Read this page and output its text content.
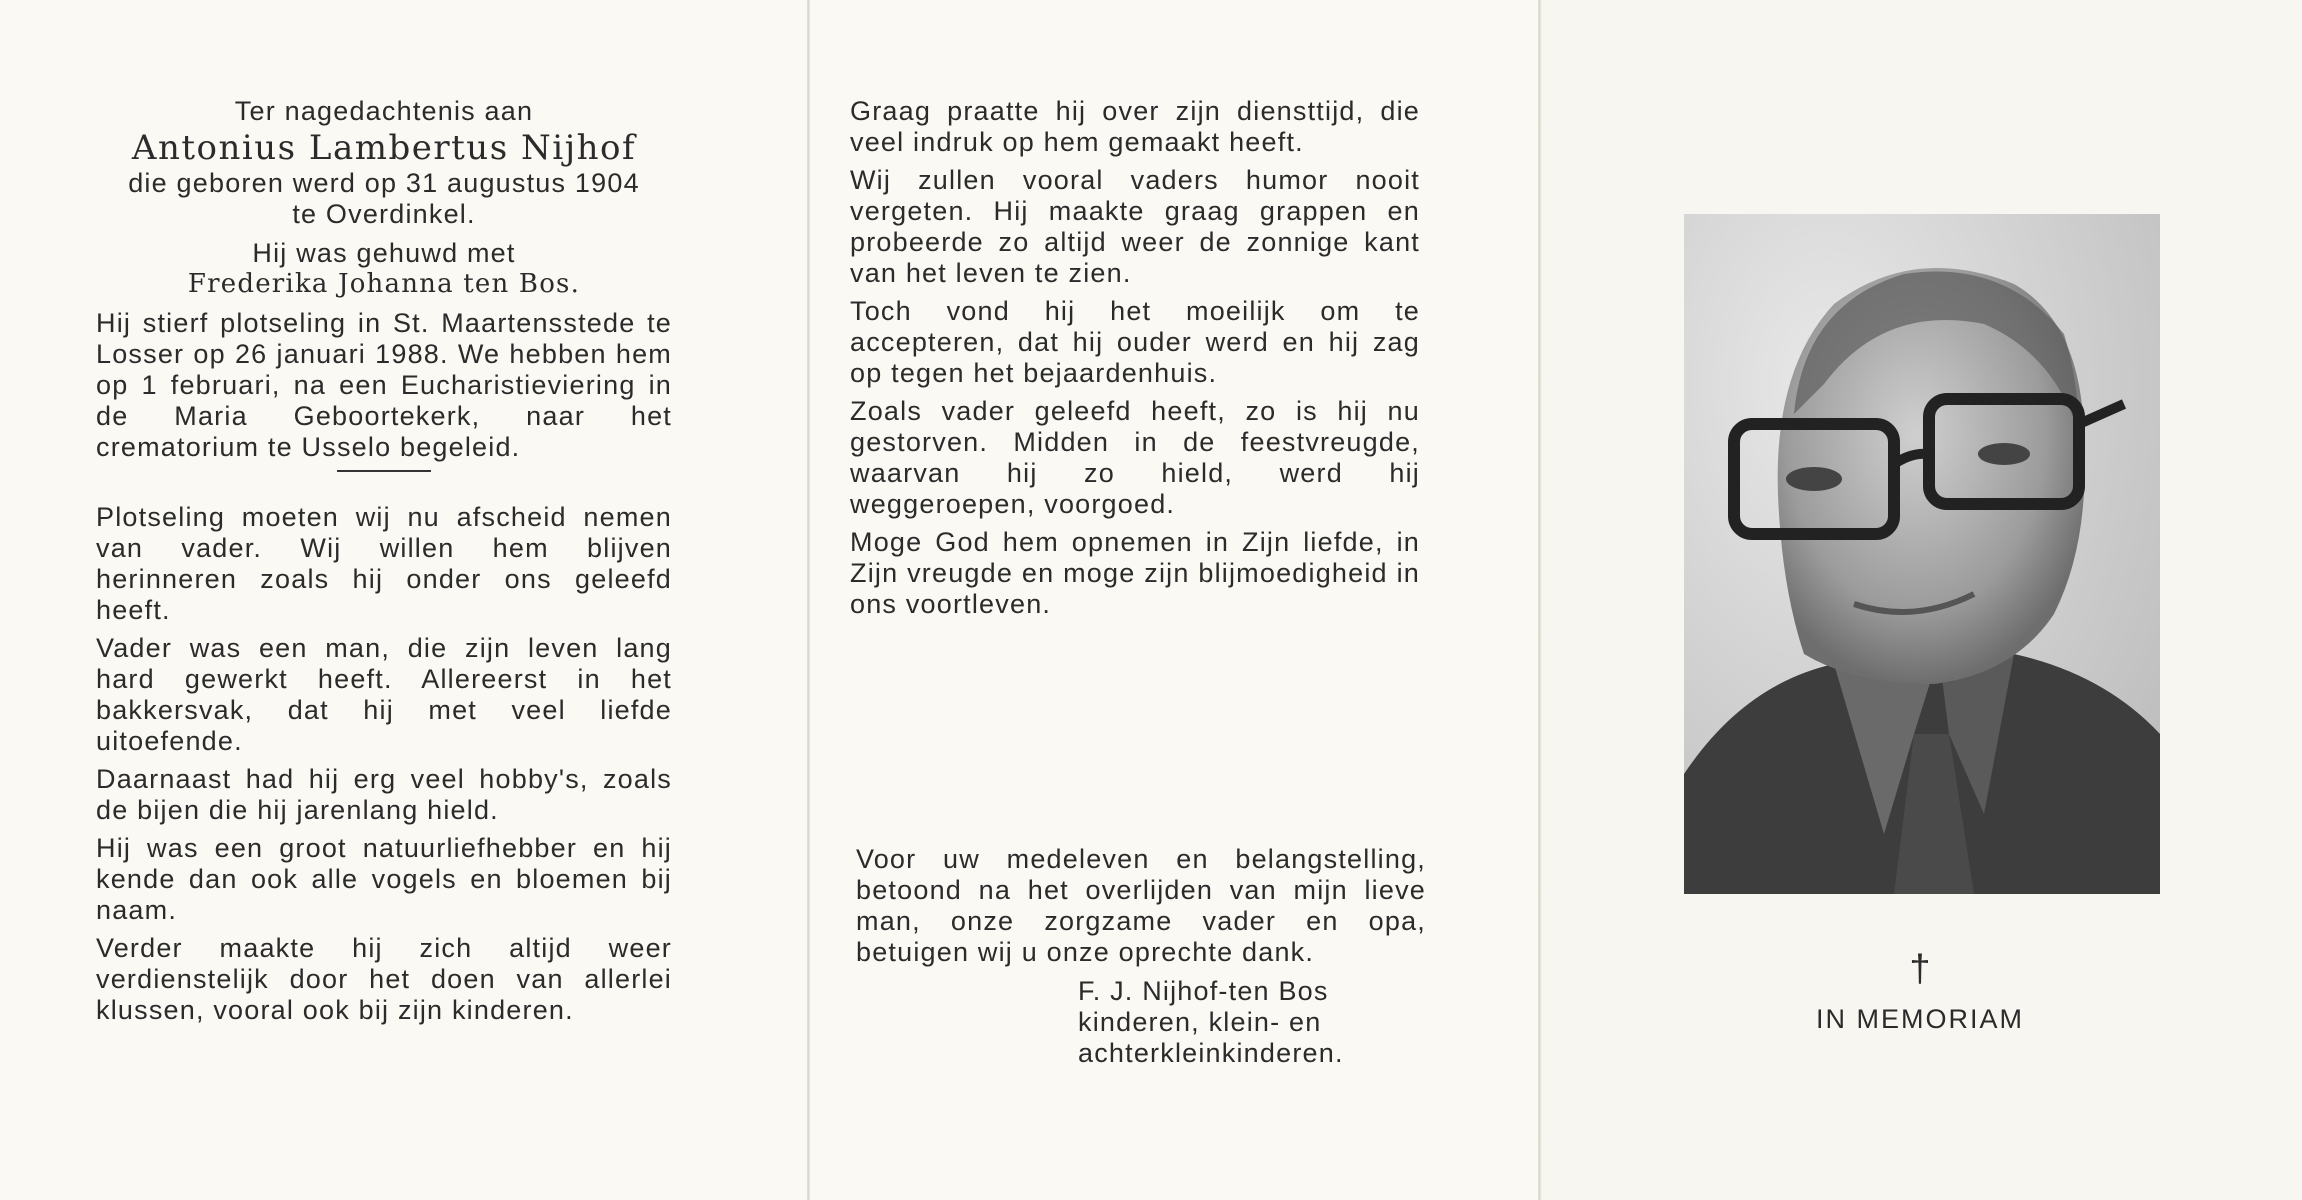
Ter nagedachtenis aan
Antonius Lambertus Nijhof
die geboren werd op 31 augustus 1904
te Overdinkel.
Hij was gehuwd met
Frederika Johanna ten Bos.

Hij stierf plotseling in St. Maartensstede te Losser op 26 januari 1988. We hebben hem op 1 februari, na een Eucharistieviering in de Maria Geboortekerk, naar het crematorium te Usselo begeleid.

Plotseling moeten wij nu afscheid nemen van vader. Wij willen hem blijven herinneren zoals hij onder ons geleefd heeft.

Vader was een man, die zijn leven lang hard gewerkt heeft. Allereerst in het bakkersvak, dat hij met veel liefde uitoefende.

Daarnaast had hij erg veel hobby's, zoals de bijen die hij jarenlang hield.

Hij was een groot natuurliefhebber en hij kende dan ook alle vogels en bloemen bij naam.

Verder maakte hij zich altijd weer verdienstelijk door het doen van allerlei klussen, vooral ook bij zijn kinderen.

Graag praatte hij over zijn diensttijd, die veel indruk op hem gemaakt heeft.

Wij zullen vooral vaders humor nooit vergeten. Hij maakte graag grappen en probeerde zo altijd weer de zonnige kant van het leven te zien.

Toch vond hij het moeilijk om te accepteren, dat hij ouder werd en hij zag op tegen het bejaardenhuis.

Zoals vader geleefd heeft, zo is hij nu gestorven. Midden in de feestvreugde, waarvan hij zo hield, werd hij weggeroepen, voorgoed.

Moge God hem opnemen in Zijn liefde, in Zijn vreugde en moge zijn blijmoedigheid in ons voortleven.

Voor uw medeleven en belangstelling, betoond na het overlijden van mijn lieve man, onze zorgzame vader en opa, betuigen wij u onze oprechte dank.

F. J. Nijhof-ten Bos
kinderen, klein- en
achterkleinkinderen.
†
IN MEMORIAM
